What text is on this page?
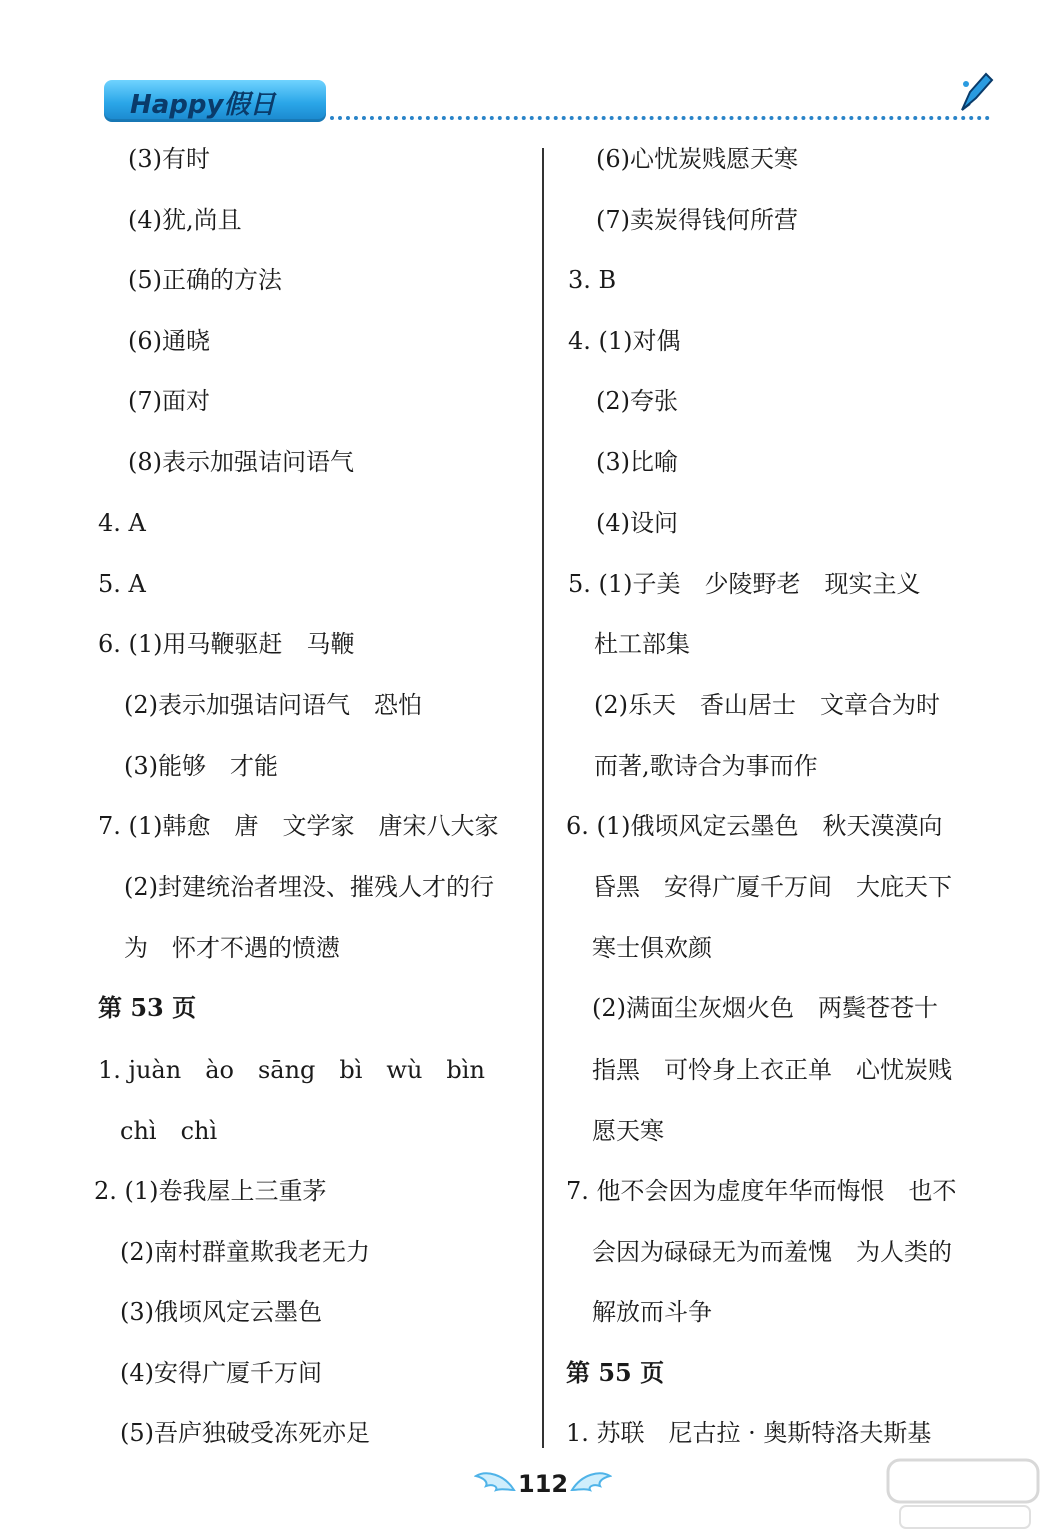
Happy假日
(3)有时
(4)犹,尚且
(5)正确的方法
(6)通晓
(7)面对
(8)表示加强诘问语气
4. A
5. A
6. (1)用马鞭驱赶　马鞭
(2)表示加强诘问语气　恐怕
(3)能够　才能
7. (1)韩愈　唐　文学家　唐宋八大家
(2)封建统治者埋没、摧残人才的行
为　怀才不遇的愤懑
第 53 页
1. juàn　ào　sāng　bì　wù　bìn
chì　chì
2. (1)卷我屋上三重茅
(2)南村群童欺我老无力
(3)俄顷风定云墨色
(4)安得广厦千万间
(5)吾庐独破受冻死亦足
(6)心忧炭贱愿天寒
(7)卖炭得钱何所营
3. B
4. (1)对偶
(2)夸张
(3)比喻
(4)设问
5. (1)子美　少陵野老　现实主义
杜工部集
(2)乐天　香山居士　文章合为时
而著,歌诗合为事而作
6. (1)俄顷风定云墨色　秋天漠漠向
昏黑　安得广厦千万间　大庇天下
寒士俱欢颜
(2)满面尘灰烟火色　两鬓苍苍十
指黑　可怜身上衣正单　心忧炭贱
愿天寒
7. 他不会因为虚度年华而悔恨　也不
会因为碌碌无为而羞愧　为人类的
解放而斗争
第 55 页
1. 苏联　尼古拉 · 奥斯特洛夫斯基
112
